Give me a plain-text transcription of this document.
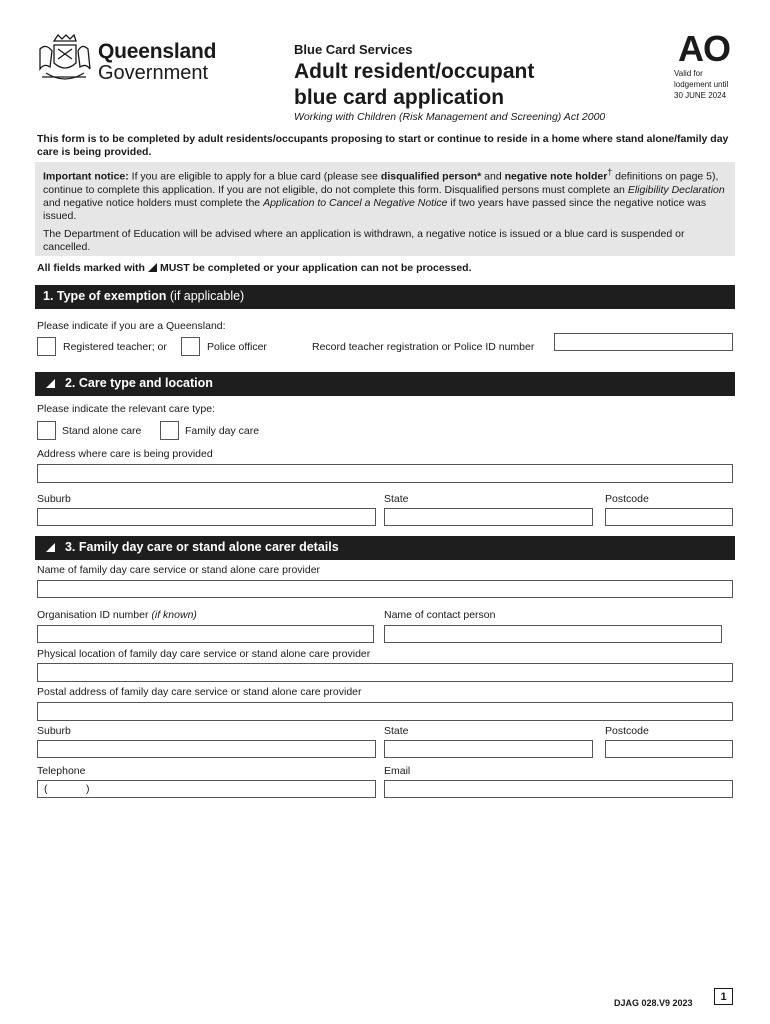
Queensland
Government
Blue Card Services
Adult resident/occupant
blue card application
AO
Valid for
lodgement until
30 JUNE 2024
Working with Children (Risk Management and Screening) Act 2000
This form is to be completed by adult residents/occupants proposing to start or continue to reside in a home where stand alone/family day care is being provided.

Important notice: If you are eligible to apply for a blue card (please see disqualified person* and negative note holder† definitions on page 5), continue to complete this application. If you are not eligible, do not complete this form. Disqualified persons must complete an Eligibility Declaration and negative notice holders must complete the Application to Cancel a Negative Notice if two years have passed since the negative notice was issued.

The Department of Education will be advised where an application is withdrawn, a negative notice is issued or a blue card is suspended or cancelled.

All fields marked with MUST be completed or your application can not be processed.
1. Type of exemption (if applicable)
Please indicate if you are a Queensland:
Registered teacher; or	Police officer	Record teacher registration or Police ID number
2. Care type and location
Please indicate the relevant care type:
Stand alone care	Family day care
Address where care is being provided
Suburb	State	Postcode
3. Family day care or stand alone carer details
Name of family day care service or stand alone care provider
Organisation ID number (if known)	Name of contact person
Physical location of family day care service or stand alone care provider
Postal address of family day care service or stand alone care provider
Suburb	State	Postcode
Telephone	Email
(	)
DJAG 028.V9 2023	1
